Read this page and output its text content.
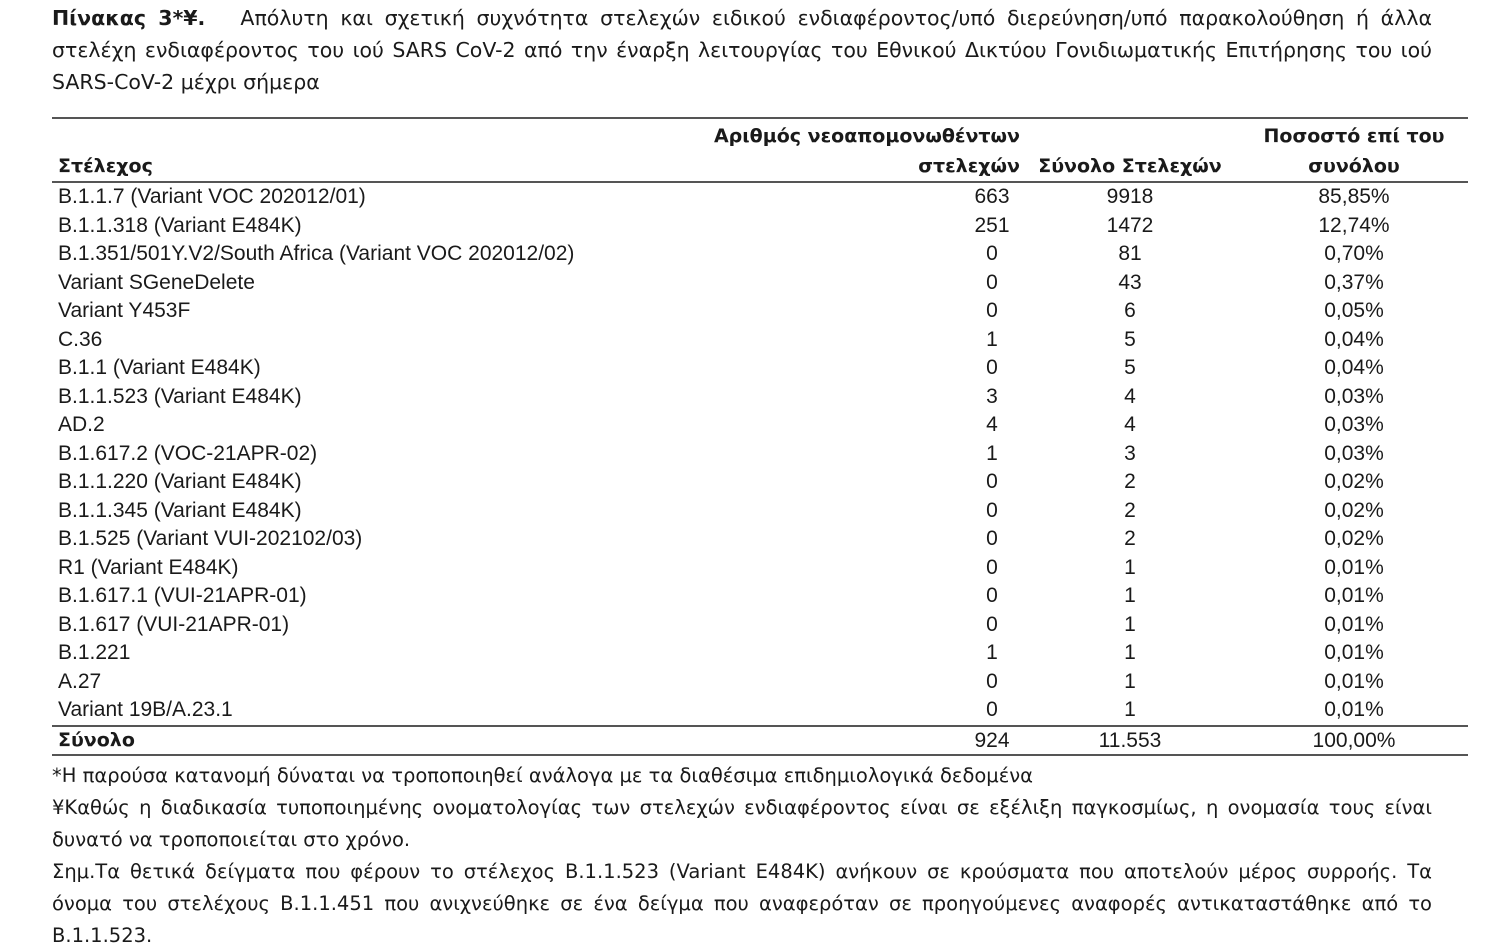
Πίνακας 3*¥. Απόλυτη και σχετική συχνότητα στελεχών ειδικού ενδιαφέροντος/υπό διερεύνηση/υπό παρακολούθηση ή άλλα στελέχη ενδιαφέροντος του ιού SARS CoV-2 από την έναρξη λειτουργίας του Εθνικού Δικτύου Γονιδιωματικής Επιτήρησης του ιού SARS-CoV-2 μέχρι σήμερα
Στέλεχος	Αριθμός νεοαπομονωθέντων στελεχών	Σύνολο Στελεχών	Ποσοστό επί του συνόλου
B.1.1.7 (Variant VOC 202012/01)	663	9918	85,85%
B.1.1.318 (Variant E484K)	251	1472	12,74%
B.1.351/501Y.V2/South Africa (Variant VOC 202012/02)	0	81	0,70%
Variant SGeneDelete	0	43	0,37%
Variant Y453F	0	6	0,05%
C.36	1	5	0,04%
B.1.1 (Variant E484K)	0	5	0,04%
B.1.1.523 (Variant E484K)	3	4	0,03%
AD.2	4	4	0,03%
B.1.617.2 (VOC-21APR-02)	1	3	0,03%
B.1.1.220 (Variant E484K)	0	2	0,02%
B.1.1.345 (Variant E484K)	0	2	0,02%
B.1.525 (Variant VUI-202102/03)	0	2	0,02%
R1 (Variant E484K)	0	1	0,01%
B.1.617.1 (VUI-21APR-01)	0	1	0,01%
B.1.617 (VUI-21APR-01)	0	1	0,01%
B.1.221	1	1	0,01%
A.27	0	1	0,01%
Variant 19B/A.23.1	0	1	0,01%
Σύνολο	924	11.553	100,00%

*Η παρούσα κατανομή δύναται να τροποποιηθεί ανάλογα με τα διαθέσιμα επιδημιολογικά δεδομένα

¥Καθώς η διαδικασία τυποποιημένης ονοματολογίας των στελεχών ενδιαφέροντος είναι σε εξέλιξη παγκοσμίως, η ονομασία τους είναι δυνατό να τροποποιείται στο χρόνο.

Σημ.Τα θετικά δείγματα που φέρουν το στέλεχος B.1.1.523 (Variant E484K) ανήκουν σε κρούσματα που αποτελούν μέρος συρροής. Τα όνομα του στελέχους B.1.1.451 που ανιχνεύθηκε σε ένα δείγμα που αναφερόταν σε προηγούμενες αναφορές αντικαταστάθηκε από το B.1.1.523.
